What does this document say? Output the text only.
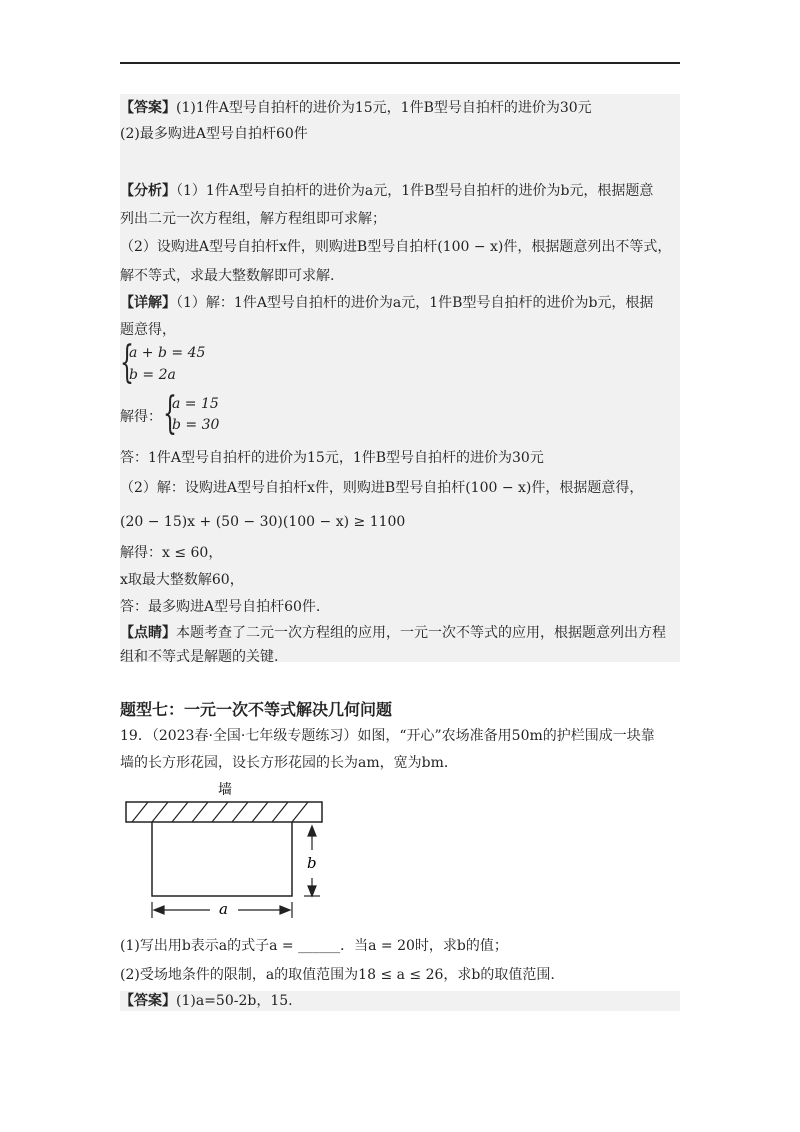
【答案】(1)1件A型号自拍杆的进价为15元，1件B型号自拍杆的进价为30元
(2)最多购进A型号自拍杆60件
【分析】（1）1件A型号自拍杆的进价为a元，1件B型号自拍杆的进价为b元，根据题意
列出二元一次方程组，解方程组即可求解；
（2）设购进A型号自拍杆x件，则购进B型号自拍杆(100 − x)件，根据题意列出不等式，
解不等式，求最大整数解即可求解.
【详解】（1）解：1件A型号自拍杆的进价为a元，1件B型号自拍杆的进价为b元，根据
题意得，
{
a + b = 45
b = 2a
解得： {
a = 15
b = 30
答：1件A型号自拍杆的进价为15元，1件B型号自拍杆的进价为30元
（2）解：设购进A型号自拍杆x件，则购进B型号自拍杆(100 − x)件，根据题意得，
(20 − 15)x + (50 − 30)(100 − x) ≥ 1100
解得：x ≤ 60，
x取最大整数解60，
答：最多购进A型号自拍杆60件.
【点睛】本题考查了二元一次方程组的应用，一元一次不等式的应用，根据题意列出方程
组和不等式是解题的关键.
题型七：一元一次不等式解决几何问题
19．（2023春·全国·七年级专题练习）如图，“开心”农场准备用50m的护栏围成一块靠
墙的长方形花园，设长方形花园的长为am，宽为bm．
墙
b
a
(1)写出用b表示a的式子a = ______．当a = 20时，求b的值；
(2)受场地条件的限制，a的取值范围为18 ≤ a ≤ 26，求b的取值范围.
【答案】(1)a=50-2b，15.
